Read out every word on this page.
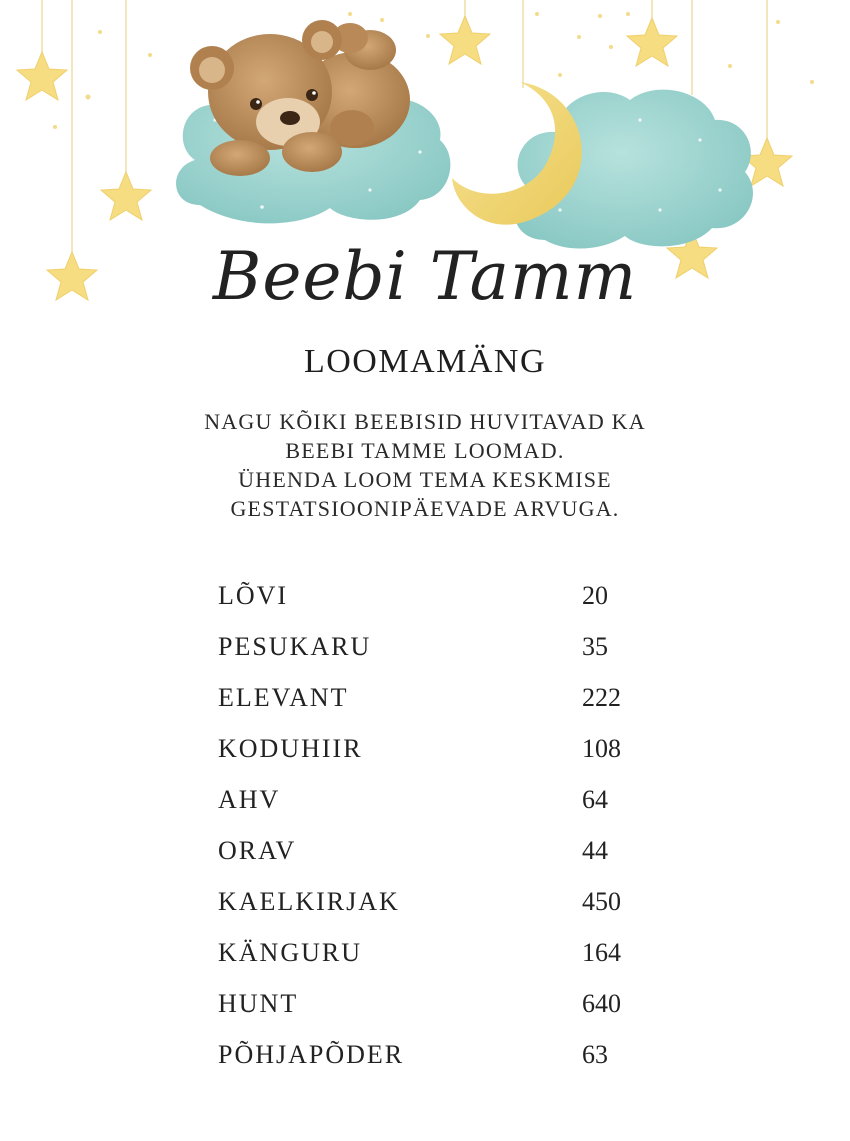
Beebi Tamm
LOOMAMÄNG
NAGU KÕIKI BEEBISID HUVITAVAD KA
BEEBI TAMME LOOMAD.
ÜHENDA LOOM TEMA KESKMISE
GESTATSIOONIPÄEVADE ARVUGA.
LÕVI	20
PESUKARU	35
ELEVANT	222
KODUHIIR	108
AHV	64
ORAV	44
KAELKIRJAK	450
KÄNGURU	164
HUNT	640
PÕHJAPÕDER	63
